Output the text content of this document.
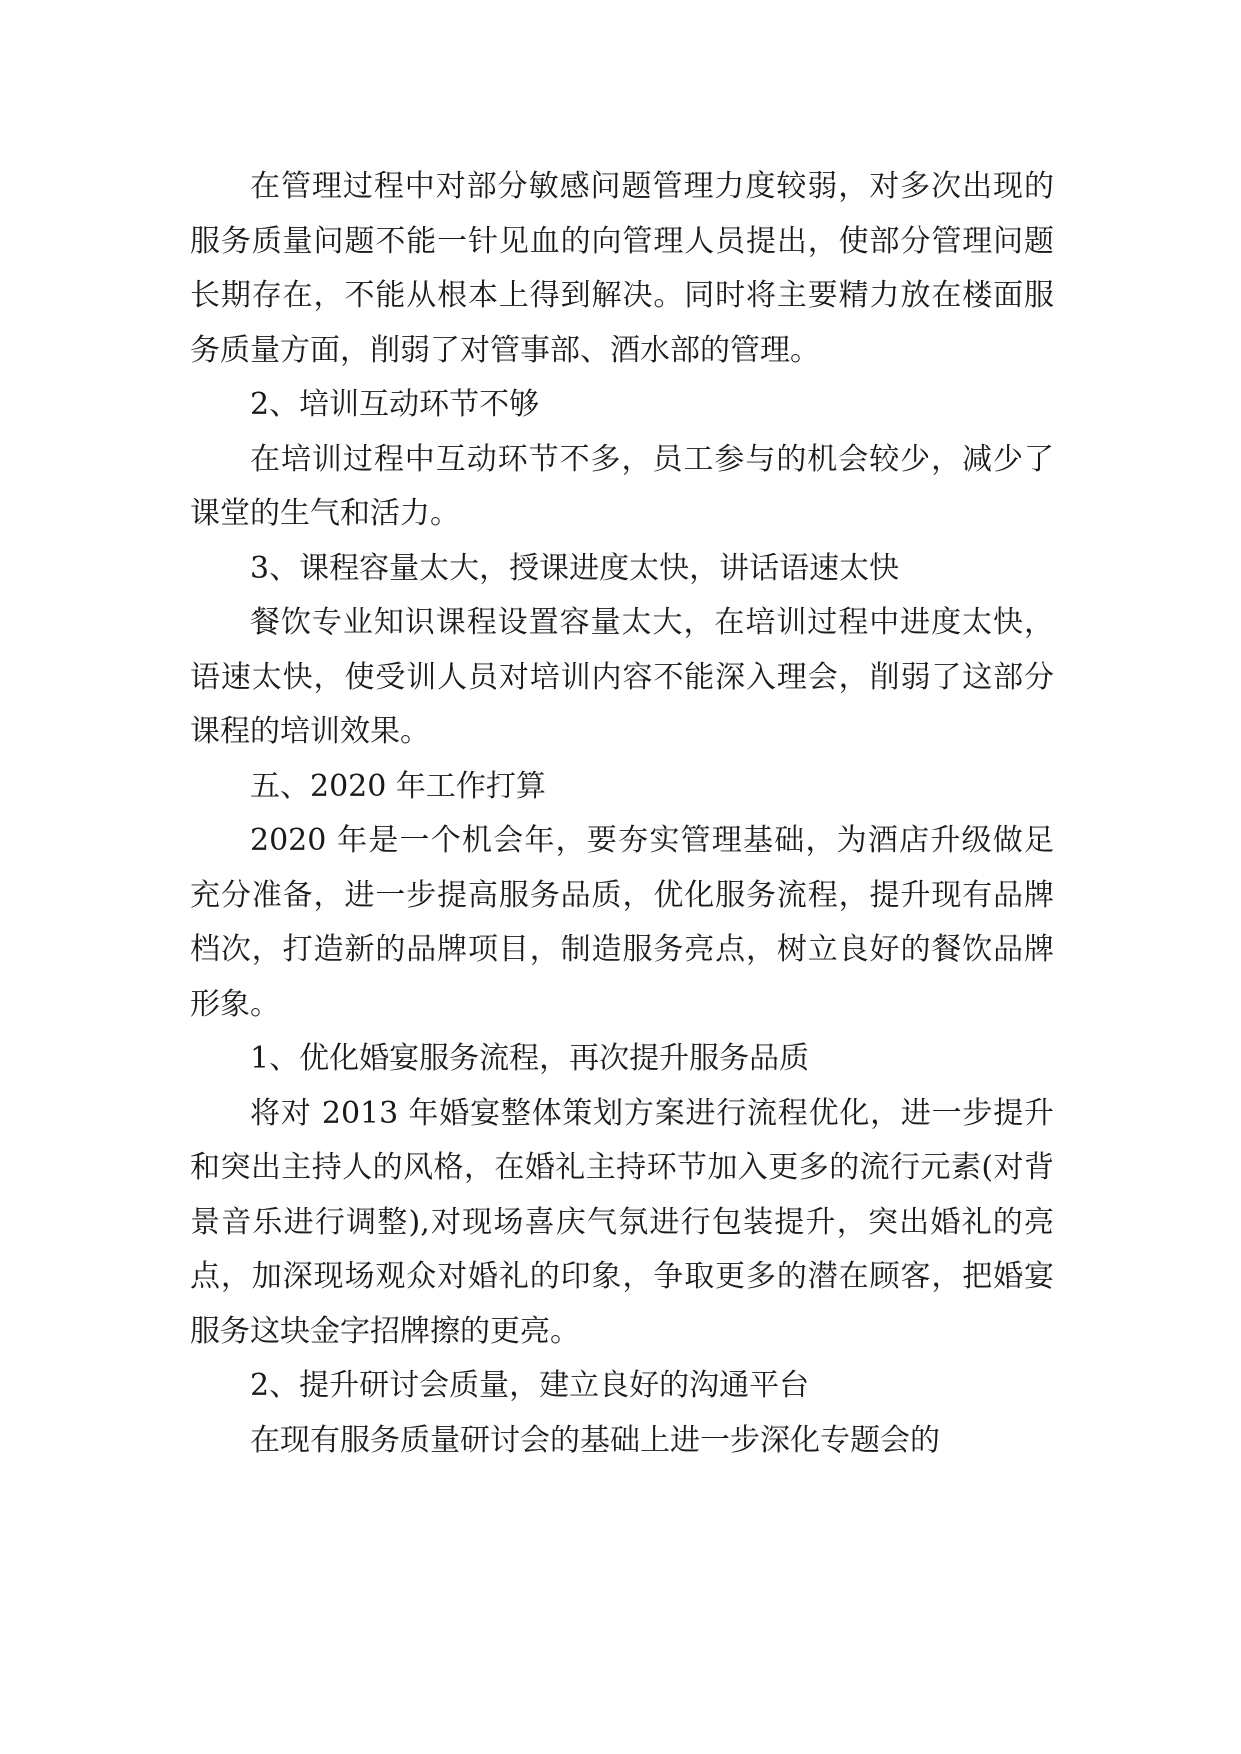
在管理过程中对部分敏感问题管理力度较弱，对多次出现的服务质量问题不能一针见血的向管理人员提出，使部分管理问题长期存在，不能从根本上得到解决。同时将主要精力放在楼面服务质量方面，削弱了对管事部、酒水部的管理。

2、培训互动环节不够

在培训过程中互动环节不多，员工参与的机会较少，减少了课堂的生气和活力。

3、课程容量太大，授课进度太快，讲话语速太快

餐饮专业知识课程设置容量太大，在培训过程中进度太快，语速太快，使受训人员对培训内容不能深入理会，削弱了这部分课程的培训效果。

五、2020 年工作打算

2020 年是一个机会年，要夯实管理基础，为酒店升级做足充分准备，进一步提高服务品质，优化服务流程，提升现有品牌档次，打造新的品牌项目，制造服务亮点，树立良好的餐饮品牌形象。

1、优化婚宴服务流程，再次提升服务品质

将对 2013 年婚宴整体策划方案进行流程优化，进一步提升和突出主持人的风格，在婚礼主持环节加入更多的流行元素(对背景音乐进行调整),对现场喜庆气氛进行包装提升，突出婚礼的亮点，加深现场观众对婚礼的印象，争取更多的潜在顾客，把婚宴服务这块金字招牌擦的更亮。

2、提升研讨会质量，建立良好的沟通平台

在现有服务质量研讨会的基础上进一步深化专题会的
